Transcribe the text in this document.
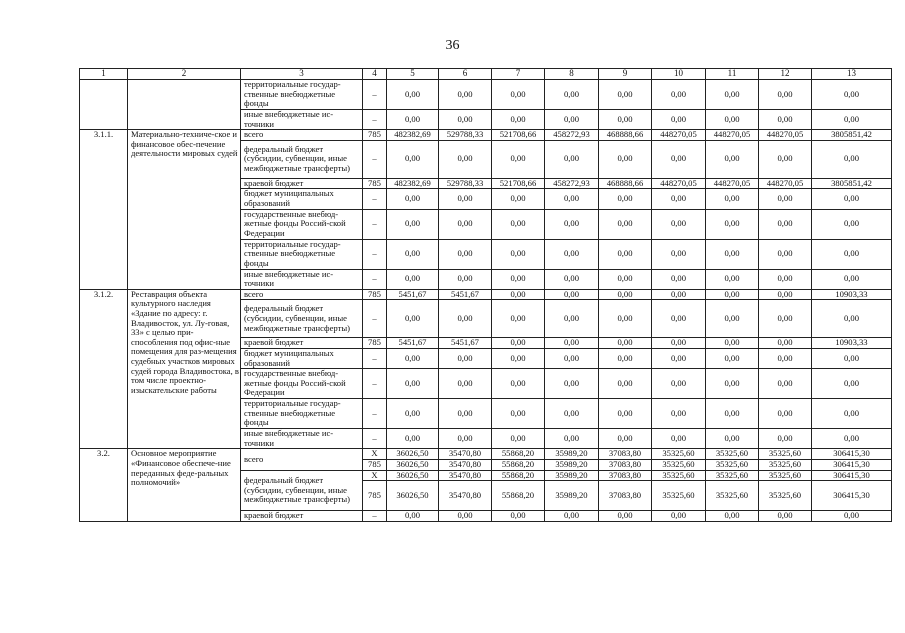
36
1	2	3	4	5	6	7	8	9	10	11	12	13
		территориальные государ-ственные внебюджетные фонды	–	0,00	0,00	0,00	0,00	0,00	0,00	0,00	0,00	0,00
		иные внебюджетные ис-точники	–	0,00	0,00	0,00	0,00	0,00	0,00	0,00	0,00	0,00
3.1.1.	Материально-техниче-ское и финансовое обес-печение деятельности мировых судей	всего	785	482382,69	529788,33	521708,66	458272,93	468888,66	448270,05	448270,05	448270,05	3805851,42
		федеральный бюджет (субсидии, субвенции, иные межбюджетные трансферты)	–	0,00	0,00	0,00	0,00	0,00	0,00	0,00	0,00	0,00
		краевой бюджет	785	482382,69	529788,33	521708,66	458272,93	468888,66	448270,05	448270,05	448270,05	3805851,42
		бюджет муниципальных образований	–	0,00	0,00	0,00	0,00	0,00	0,00	0,00	0,00	0,00
		государственные внебюд-жетные фонды Россий-ской Федерации	–	0,00	0,00	0,00	0,00	0,00	0,00	0,00	0,00	0,00
		территориальные государ-ственные внебюджетные фонды	–	0,00	0,00	0,00	0,00	0,00	0,00	0,00	0,00	0,00
		иные внебюджетные ис-точники	–	0,00	0,00	0,00	0,00	0,00	0,00	0,00	0,00	0,00
3.1.2.	Реставрация объекта культурного наследия «Здание по адресу: г. Владивосток, ул. Лу-говая, 33» с целью при-способления под офис-ные помещения для раз-мещения судебных участков мировых судей города Владивостока, в том числе проектно-изыскательские работы	всего	785	5451,67	5451,67	0,00	0,00	0,00	0,00	0,00	0,00	10903,33
		федеральный бюджет (субсидии, субвенции, иные межбюджетные трансферты)	–	0,00	0,00	0,00	0,00	0,00	0,00	0,00	0,00	0,00
		краевой бюджет	785	5451,67	5451,67	0,00	0,00	0,00	0,00	0,00	0,00	10903,33
		бюджет муниципальных образований	–	0,00	0,00	0,00	0,00	0,00	0,00	0,00	0,00	0,00
		государственные внебюд-жетные фонды Россий-ской Федерации	–	0,00	0,00	0,00	0,00	0,00	0,00	0,00	0,00	0,00
		территориальные государ-ственные внебюджетные фонды	–	0,00	0,00	0,00	0,00	0,00	0,00	0,00	0,00	0,00
		иные внебюджетные ис-точники	–	0,00	0,00	0,00	0,00	0,00	0,00	0,00	0,00	0,00
3.2.	Основное мероприятие «Финансовое обеспече-ние переданных феде-ральных полномочий»	всего	X	36026,50	35470,80	55868,20	35989,20	37083,80	35325,60	35325,60	35325,60	306415,30
			785	36026,50	35470,80	55868,20	35989,20	37083,80	35325,60	35325,60	35325,60	306415,30
		федеральный бюджет (субсидии, субвенции, иные межбюджетные трансферты)	X	36026,50	35470,80	55868,20	35989,20	37083,80	35325,60	35325,60	35325,60	306415,30
			785	36026,50	35470,80	55868,20	35989,20	37083,80	35325,60	35325,60	35325,60	306415,30
		краевой бюджет	–	0,00	0,00	0,00	0,00	0,00	0,00	0,00	0,00	0,00
